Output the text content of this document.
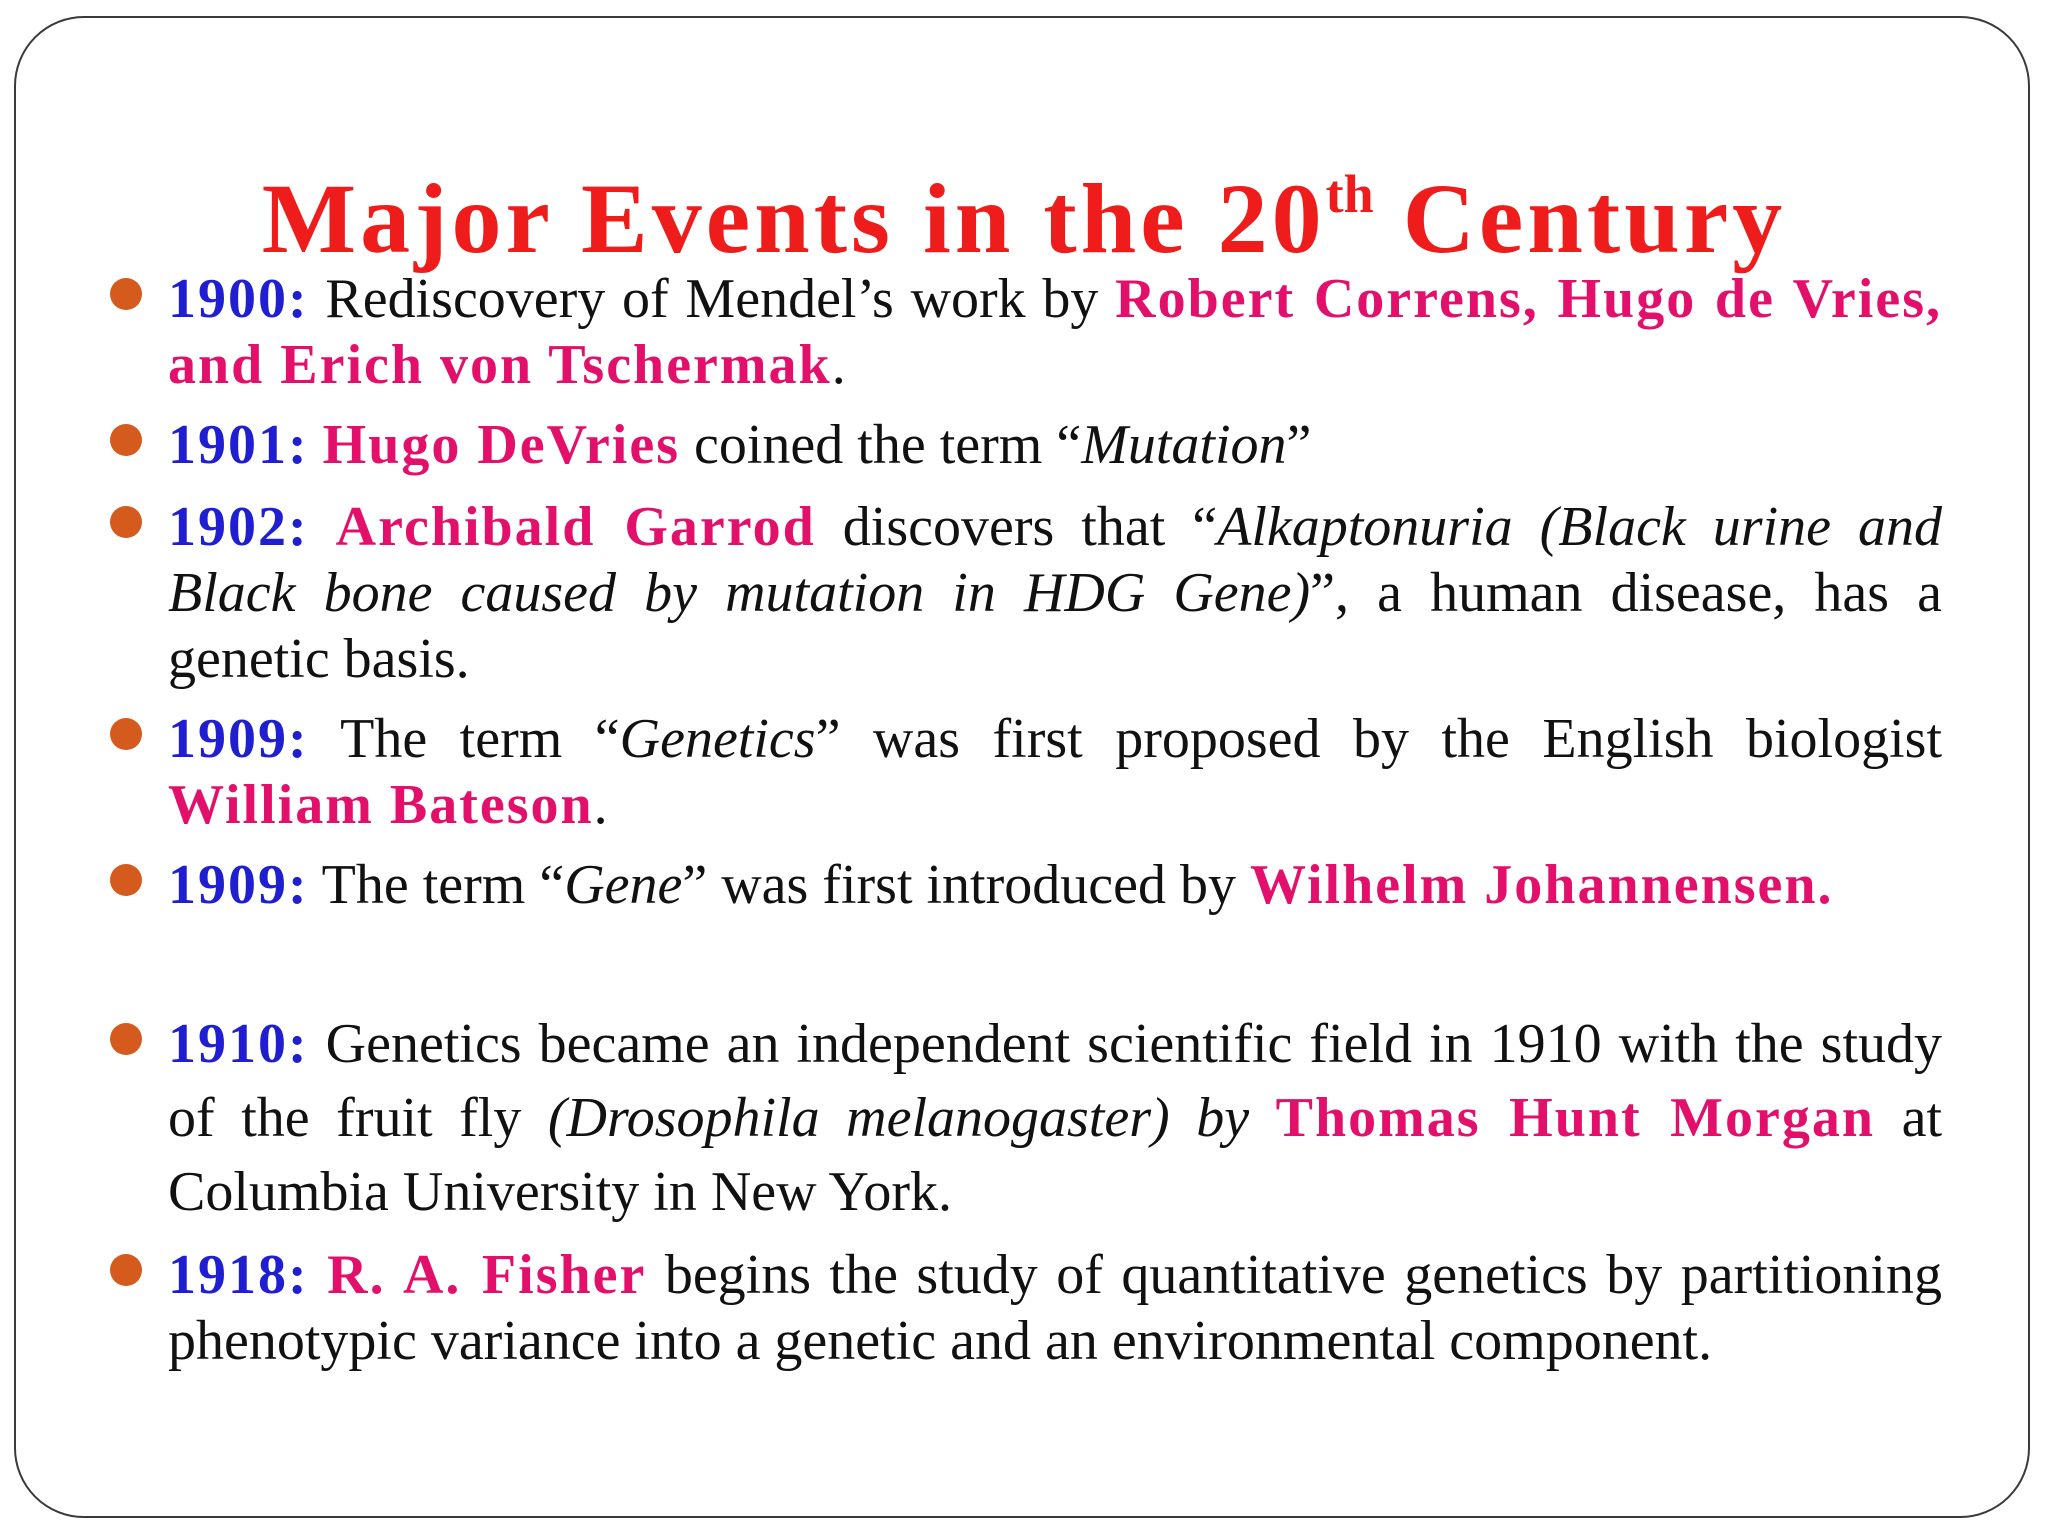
Major Events in the 20th Century
1900: Rediscovery of Mendel’s work by Robert Correns, Hugo de Vries, and Erich von Tschermak.
1901: Hugo DeVries coined the term “Mutation”
1902: Archibald Garrod discovers that “Alkaptonuria (Black urine and Black bone caused by mutation in HDG Gene)”, a human disease, has a genetic basis.
1909: The term “Genetics” was first proposed by the English biologist William Bateson.
1909: The term “Gene” was first introduced by Wilhelm Johannensen.
1910: Genetics became an independent scientific field in 1910 with the study of the fruit fly (Drosophila melanogaster) by Thomas Hunt Morgan at Columbia University in New York.
1918: R. A. Fisher begins the study of quantitative genetics by partitioning phenotypic variance into a genetic and an environmental component.
